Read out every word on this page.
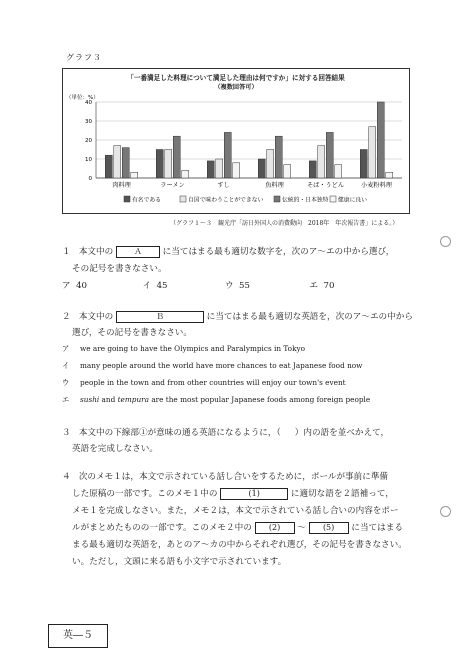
グラフ３
「一番満足した料理について満足した理由は何ですか」に対する回答結果
（複数回答可）
（単位：%）
0
10
20
30
40
肉料理	ラーメン	すし	魚料理	そば・うどん	小麦粉料理
有名である	自国で味わうことができない	伝統的・日本独特 健康に良い
（グラフ１～３　観光庁「訪日外国人の消費動向　2018年　年次報告書」による。）
１ 本文中の	Ａ に当てはまる最も適切な数字を，次のア～エの中から選び，
その記号を書きなさい。
ア 40	イ 45	ウ 55	エ 70
２ 本文中の	Ｂ	に当てはまる最も適切な英語を，次のア～エの中から
選び，その記号を書きなさい。
ア we are going to have the Olympics and Paralympics in Tokyo
イ many people around the world have more chances to eat Japanese food now
ウ people in the town and from other countries will enjoy our town's event
エ sushi and tempura are the most popular Japanese foods among foreign people
３ 本文中の下線部①が意味の通る英語になるように，（ ）内の語を並べかえて，
英語を完成しなさい。
４ 次のメモ１は，本文で示されている話し合いをするために，ポールが事前に準備
した原稿の一部です。このメモ１中の	(1)	に適切な語を２語補って，
メモ１を完成しなさい。また，メモ２は，本文で示されている話し合いの内容をポー
ルがまとめたものの一部です。このメモ２中の (2) ～ (5) に当てはまる
まる最も適切な英語を，あとのア～カの中からそれぞれ選び，その記号を書きなさい。
い。ただし，文頭に来る語も小文字で示されています。
英―５
